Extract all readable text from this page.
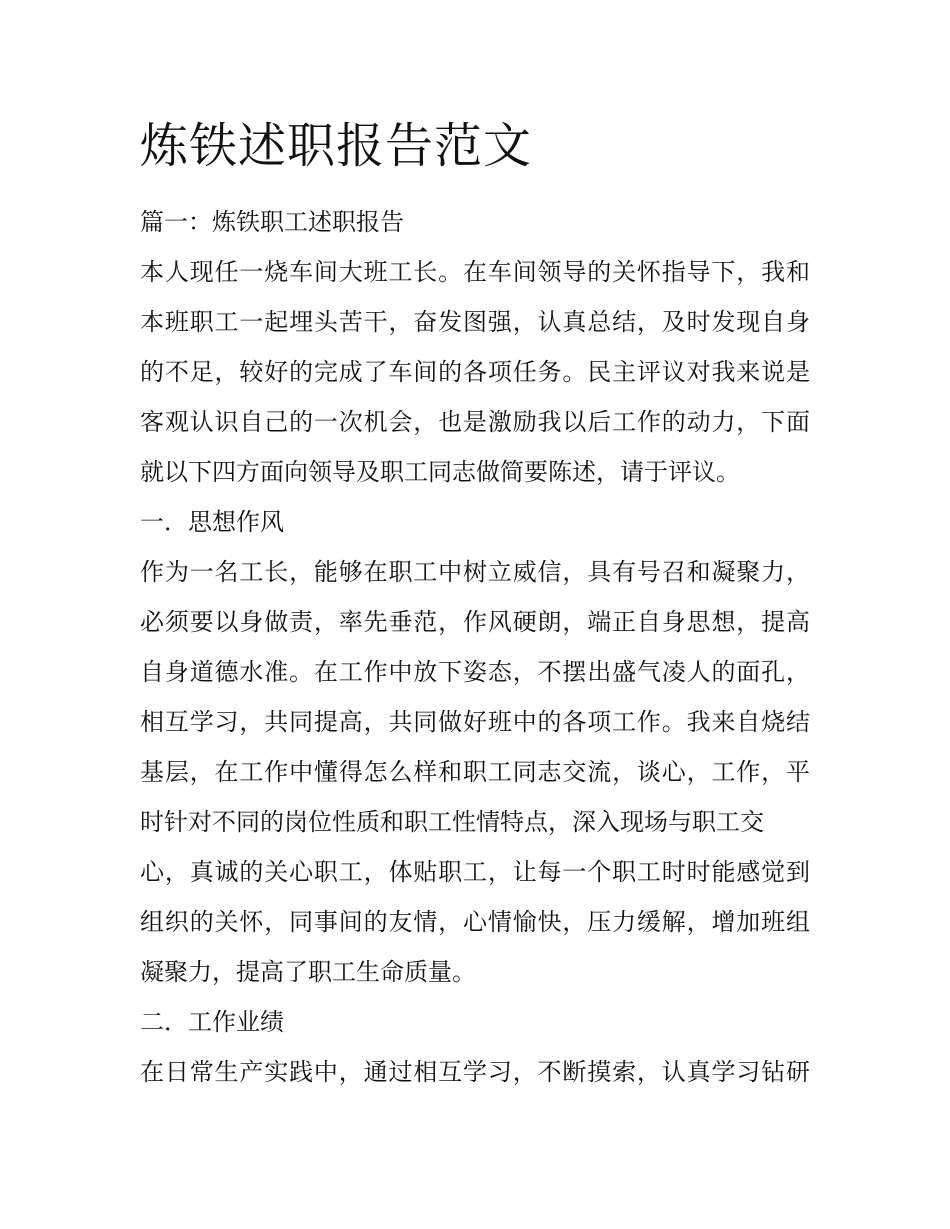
炼铁述职报告范文
篇一：炼铁职工述职报告
本人现任一烧车间大班工长。在车间领导的关怀指导下，我和
本班职工一起埋头苦干，奋发图强，认真总结，及时发现自身
的不足，较好的完成了车间的各项任务。民主评议对我来说是
客观认识自己的一次机会，也是激励我以后工作的动力，下面
就以下四方面向领导及职工同志做简要陈述，请于评议。
一．思想作风
作为一名工长，能够在职工中树立威信，具有号召和凝聚力，
必须要以身做责，率先垂范，作风硬朗，端正自身思想，提高
自身道德水准。在工作中放下姿态，不摆出盛气凌人的面孔，
相互学习，共同提高，共同做好班中的各项工作。我来自烧结
基层，在工作中懂得怎么样和职工同志交流，谈心，工作，平
时针对不同的岗位性质和职工性情特点，深入现场与职工交
心，真诚的关心职工，体贴职工，让每一个职工时时能感觉到
组织的关怀，同事间的友情，心情愉快，压力缓解，增加班组
凝聚力，提高了职工生命质量。
二．工作业绩
在日常生产实践中，通过相互学习，不断摸索，认真学习钻研
